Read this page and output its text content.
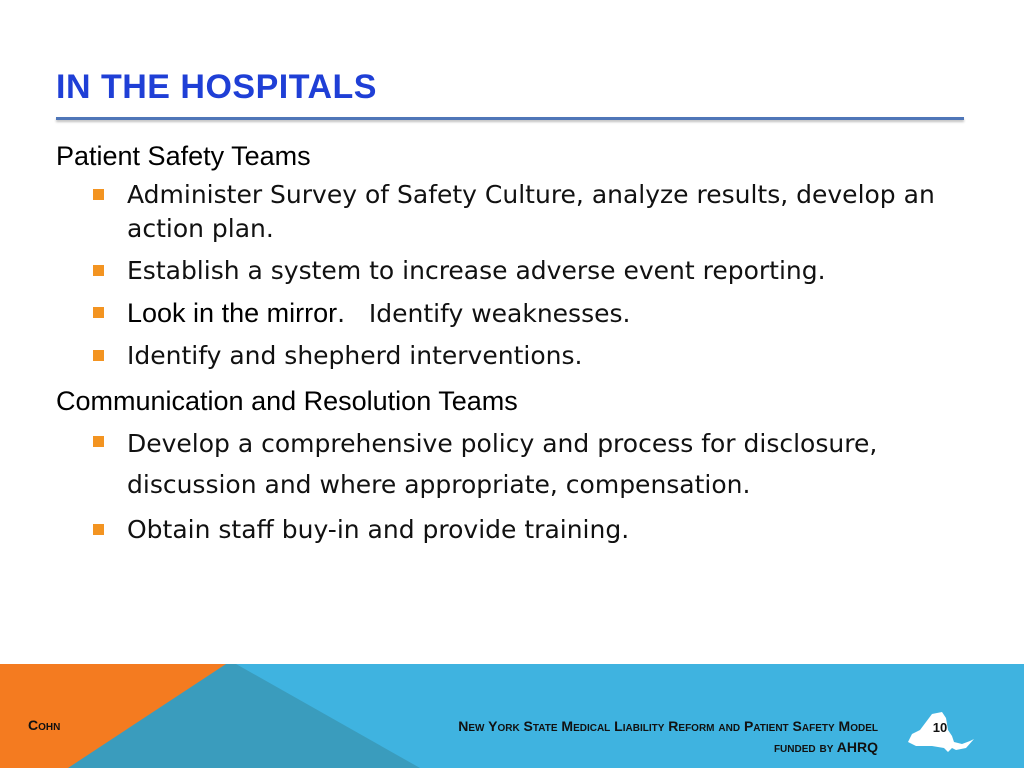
IN THE HOSPITALS

Patient Safety Teams

Administer Survey of Safety Culture, analyze results, develop an action plan.
Establish a system to increase adverse event reporting.
Look in the mirror.   Identify weaknesses.
Identify and shepherd interventions.

Communication and Resolution Teams

Develop a comprehensive policy and process for disclosure, discussion and where appropriate, compensation.
Obtain staff buy-in and provide training.
Cohn	New York State Medical Liability Reform and Patient Safety Model
funded by AHRQ
10
